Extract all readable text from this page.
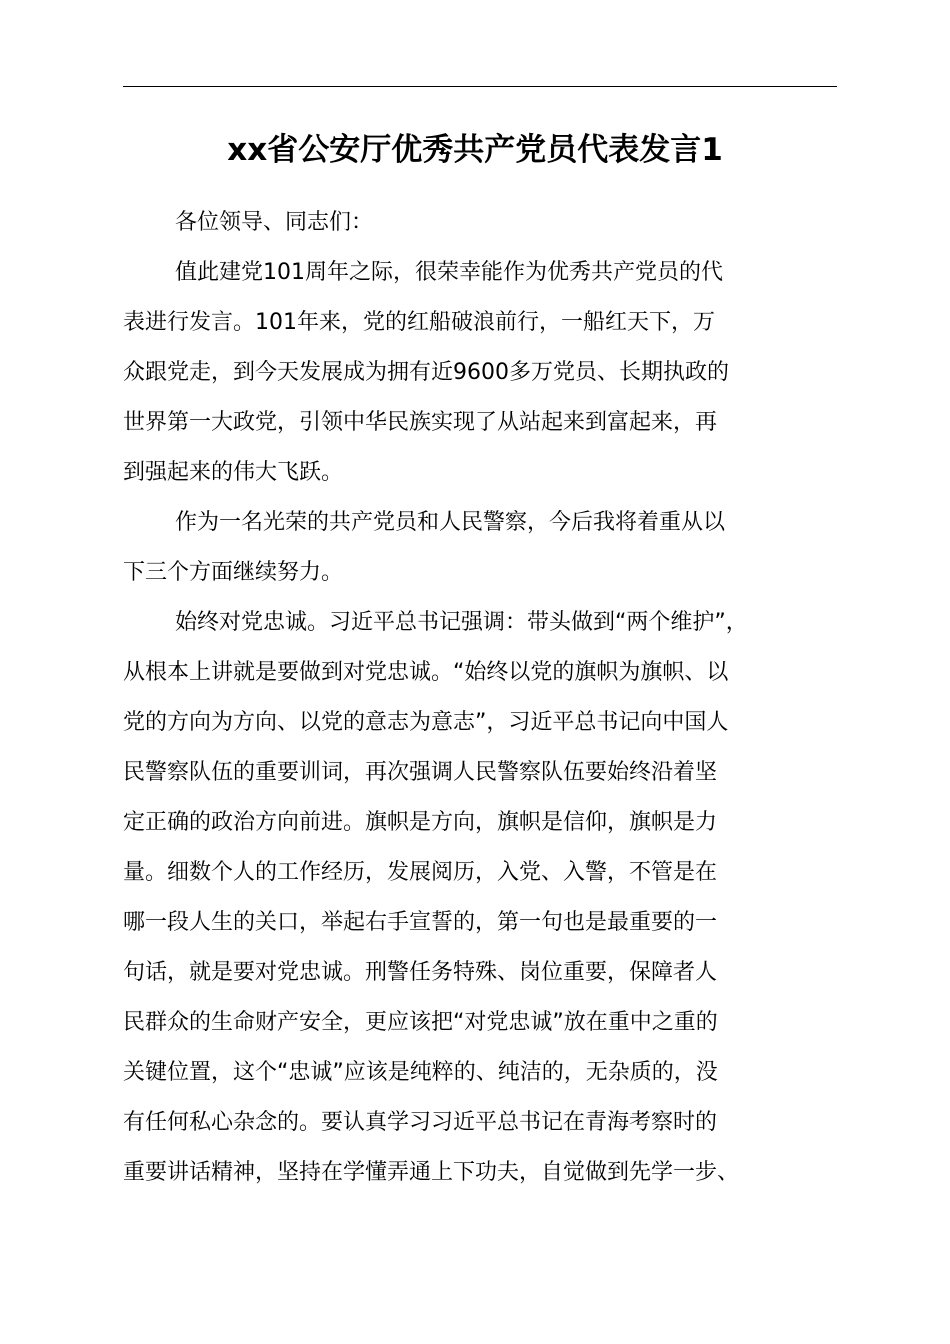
xx省公安厅优秀共产党员代表发言1
各位领导、同志们：
值此建党101周年之际，很荣幸能作为优秀共产党员的代
表进行发言。101年来，党的红船破浪前行，一船红天下，万
众跟党走，到今天发展成为拥有近9600多万党员、长期执政的
世界第一大政党，引领中华民族实现了从站起来到富起来，再
到强起来的伟大飞跃。
作为一名光荣的共产党员和人民警察，今后我将着重从以
下三个方面继续努力。
始终对党忠诚。习近平总书记强调：带头做到“两个维护”，
从根本上讲就是要做到对党忠诚。“始终以党的旗帜为旗帜、以
党的方向为方向、以党的意志为意志”，习近平总书记向中国人
民警察队伍的重要训词，再次强调人民警察队伍要始终沿着坚
定正确的政治方向前进。旗帜是方向，旗帜是信仰，旗帜是力
量。细数个人的工作经历，发展阅历，入党、入警，不管是在
哪一段人生的关口，举起右手宣誓的，第一句也是最重要的一
句话，就是要对党忠诚。刑警任务特殊、岗位重要，保障者人
民群众的生命财产安全，更应该把“对党忠诚”放在重中之重的
关键位置，这个“忠诚”应该是纯粹的、纯洁的，无杂质的，没
有任何私心杂念的。要认真学习习近平总书记在青海考察时的
重要讲话精神，坚持在学懂弄通上下功夫，自觉做到先学一步、
